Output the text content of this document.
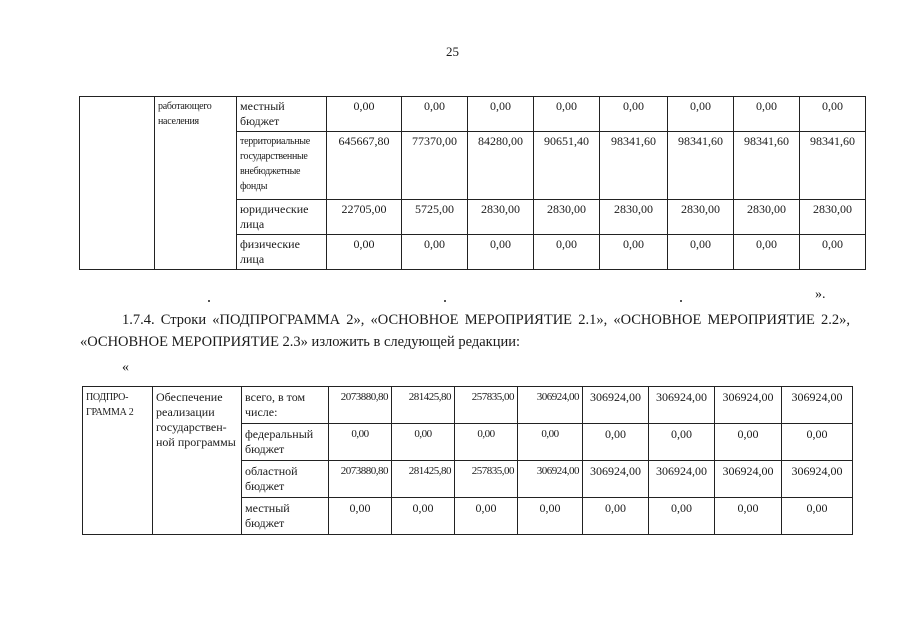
25
	работающего населения	местный бюджет	0,00	0,00	0,00	0,00	0,00	0,00	0,00	0,00
		территориальные государственные внебюджетные фонды	645667,80	77370,00	84280,00	90651,40	98341,60	98341,60	98341,60	98341,60
		юридические лица	22705,00	5725,00	2830,00	2830,00	2830,00	2830,00	2830,00	2830,00
		физические лица	0,00	0,00	0,00	0,00	0,00	0,00	0,00	0,00
».
1.7.4. Строки «ПОДПРОГРАММА 2», «ОСНОВНОЕ МЕРОПРИЯТИЕ 2.1», «ОСНОВНОЕ МЕРОПРИЯТИЕ 2.2», «ОСНОВНОЕ МЕРОПРИЯТИЕ 2.3» изложить в следующей редакции:
«
ПОДПРО-ГРАММА 2	Обеспечение реализации государствен-ной программы	всего, в том числе:	2073880,80	281425,80	257835,00	306924,00	306924,00	306924,00	306924,00	306924,00
		федеральный бюджет	0,00	0,00	0,00	0,00	0,00	0,00	0,00	0,00
		областной бюджет	2073880,80	281425,80	257835,00	306924,00	306924,00	306924,00	306924,00	306924,00
		местный бюджет	0,00	0,00	0,00	0,00	0,00	0,00	0,00	0,00
